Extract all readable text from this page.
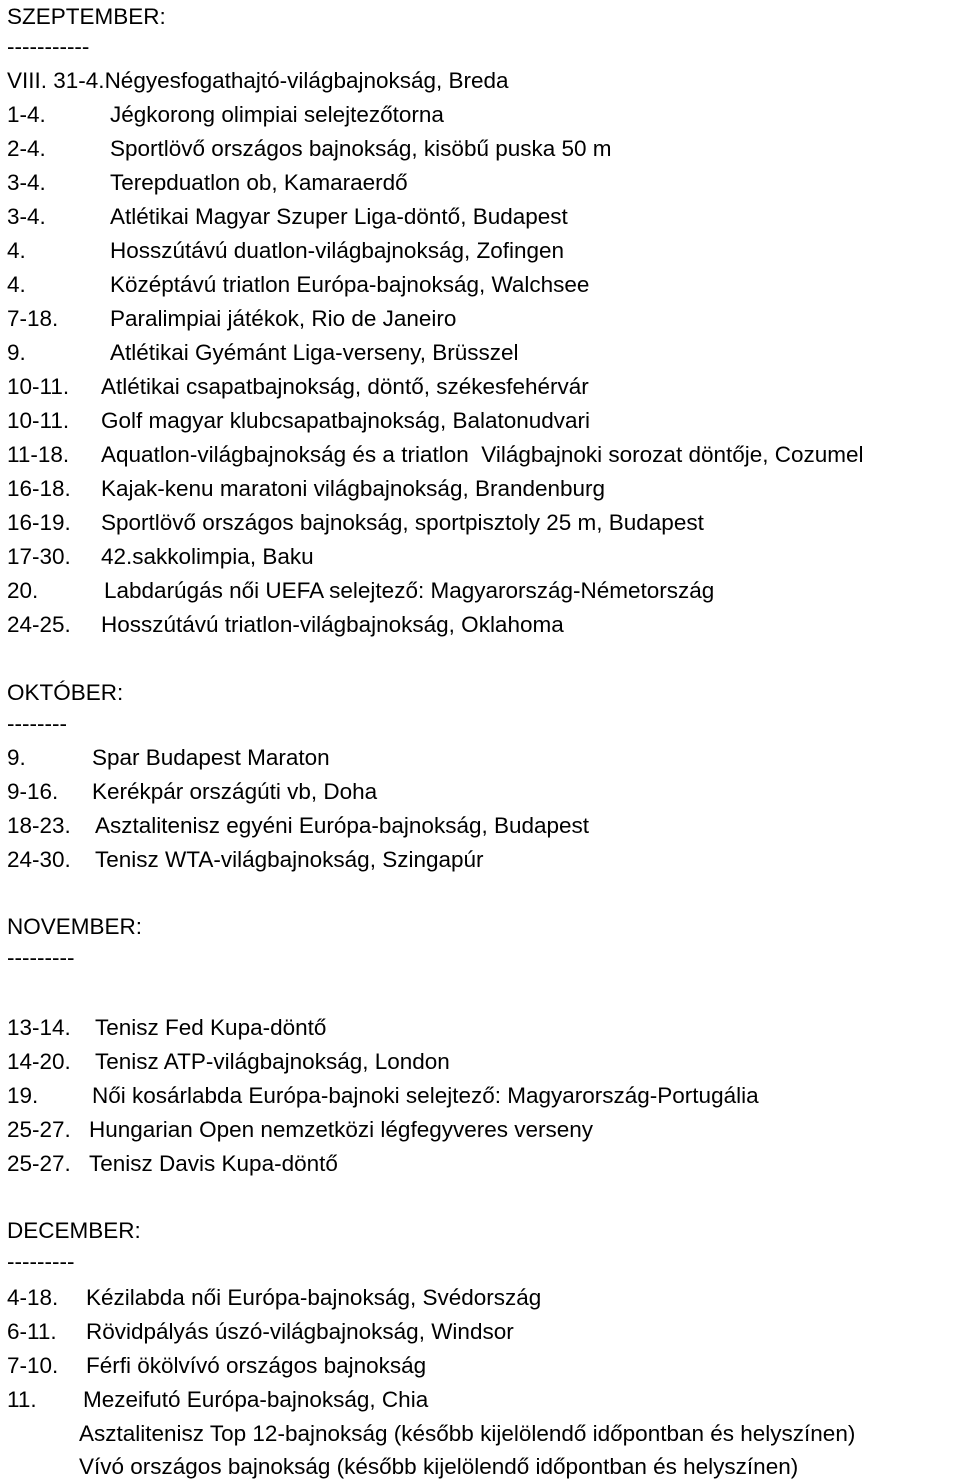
SZEPTEMBER:
-----------
VIII. 31-4.Négyesfogathajtó-világbajnokság, Breda
1-4.	Jégkorong olimpiai selejtezőtorna
2-4.	Sportlövő országos bajnokság, kisöbű puska 50 m
3-4.	Terepduatlon ob, Kamaraerdő
3-4.	Atlétikai Magyar Szuper Liga-döntő, Budapest
4.	Hosszútávú duatlon-világbajnokság, Zofingen
4.	Középtávú triatlon Európa-bajnokság, Walchsee
7-18. Paralimpiai játékok, Rio de Janeiro
9.	Atlétikai Gyémánt Liga-verseny, Brüsszel
10-11. Atlétikai csapatbajnokság, döntő, székesfehérvár
10-11. Golf magyar klubcsapatbajnokság, Balatonudvari
11-18. Aquatlon-világbajnokság és a triatlon  Világbajnoki sorozat döntője, Cozumel
16-18. Kajak-kenu maratoni világbajnokság, Brandenburg
16-19. Sportlövő országos bajnokság, sportpisztoly 25 m, Budapest
17-30. 42.sakkolimpia, Baku
20.	Labdarúgás női UEFA selejtező: Magyarország-Németország
24-25. Hosszútávú triatlon-világbajnokság, Oklahoma
OKTÓBER:
--------
9.	Spar Budapest Maraton
9-16. Kerékpár országúti vb, Doha
18-23. Asztalitenisz egyéni Európa-bajnokság, Budapest
24-30. Tenisz WTA-világbajnokság, Szingapúr
NOVEMBER:
---------
13-14. Tenisz Fed Kupa-döntő
14-20. Tenisz ATP-világbajnokság, London
19. Női kosárlabda Európa-bajnoki selejtező: Magyarország-Portugália
25-27. Hungarian Open nemzetközi légfegyveres verseny
25-27. Tenisz Davis Kupa-döntő
DECEMBER:
---------
4-18. Kézilabda női Európa-bajnokság, Svédország
6-11. Rövidpályás úszó-világbajnokság, Windsor
7-10. Férfi ökölvívó országos bajnokság
11. Mezeifutó Európa-bajnokság, Chia
Asztalitenisz Top 12-bajnokság (később kijelölendő időpontban és helyszínen)
Vívó országos bajnokság (később kijelölendő időpontban és helyszínen)
